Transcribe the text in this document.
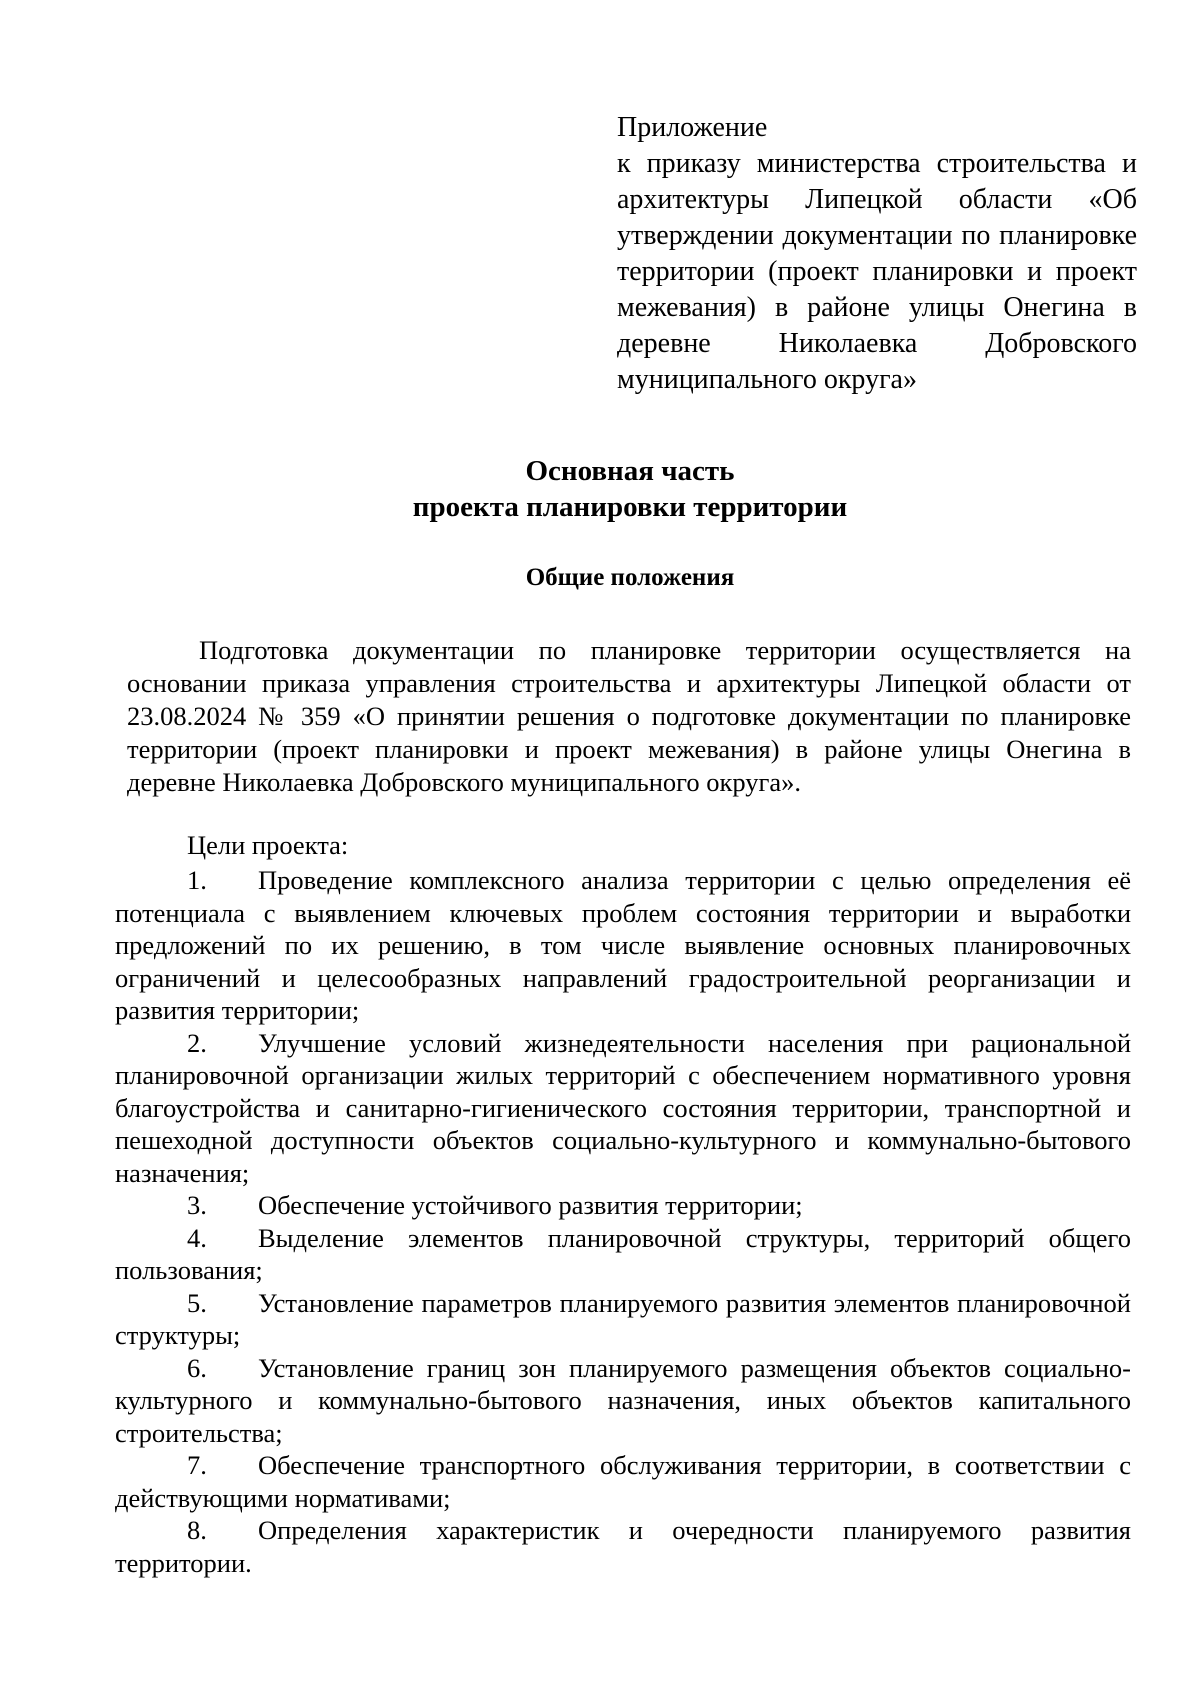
Приложение

к приказу министерства строительства и архитектуры Липецкой области «Об утверждении документации по планировке территории (проект планировки и проект межевания) в районе улицы Онегина в деревне Николаевка Добровского муниципального округа»

Основная часть
проекта планировки территории
Общие положения

Подготовка документации по планировке территории осуществляется на основании приказа управления строительства и архитектуры Липецкой области от 23.08.2024 № 359 «О принятии решения о подготовке документации по планировке территории (проект планировки и проект межевания) в районе улицы Онегина в деревне Николаевка Добровского муниципального округа».

Цели проекта:

1. Проведение комплексного анализа территории с целью определения её потенциала с выявлением ключевых проблем состояния территории и выработки предложений по их решению, в том числе выявление основных планировочных ограничений и целесообразных направлений градостроительной реорганизации и развития территории;

2. Улучшение условий жизнедеятельности населения при рациональной планировочной организации жилых территорий с обеспечением нормативного уровня благоустройства и санитарно-гигиенического состояния территории, транспортной и пешеходной доступности объектов социально-культурного и коммунально-бытового назначения;

3. Обеспечение устойчивого развития территории;

4. Выделение элементов планировочной структуры, территорий общего пользования;

5. Установление параметров планируемого развития элементов планировочной структуры;

6. Установление границ зон планируемого размещения объектов социально- культурного и коммунально-бытового назначения, иных объектов капитального строительства;

7. Обеспечение транспортного обслуживания территории, в соответствии с действующими нормативами;

8. Определения характеристик и очередности планируемого развития территории.
